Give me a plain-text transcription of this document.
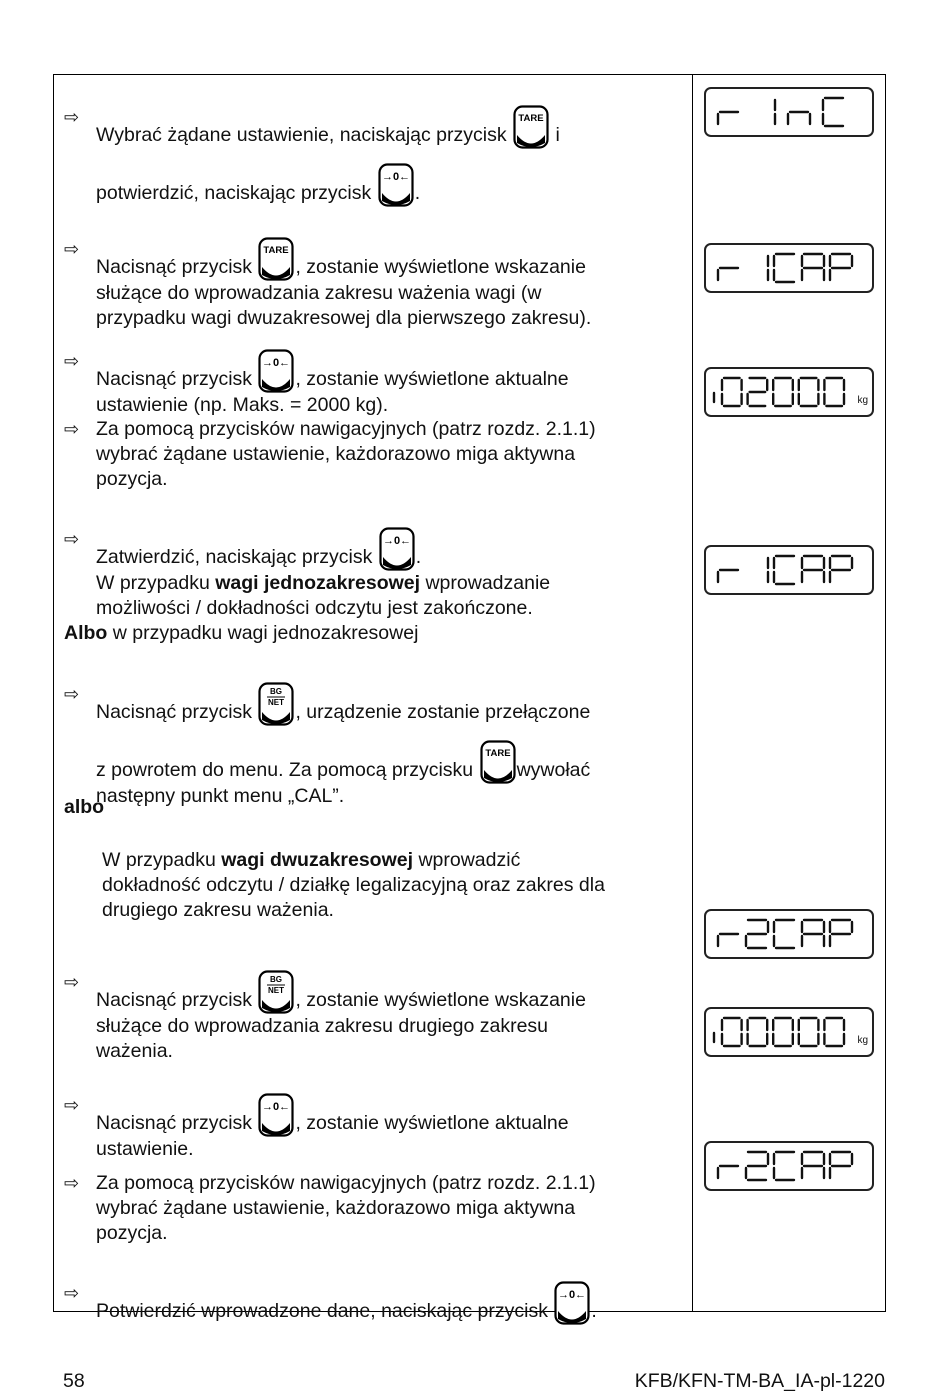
⇨
Wybrać żądane ustawienie, naciskając przycisk
TARE
i
potwierdzić, naciskając przycisk
→0←
.
⇨
Nacisnąć przycisk
TARE
, zostanie wyświetlone wskazanie
służące do wprowadzania zakresu ważenia wagi (w
przypadku wagi dwuzakresowej dla pierwszego zakresu).
⇨
Nacisnąć przycisk
→0←
, zostanie wyświetlone aktualne
ustawienie (np. Maks. = 2000 kg).
⇨ Za pomocą przycisków nawigacyjnych (patrz rozdz. 2.1.1)
wybrać żądane ustawienie, każdorazowo miga aktywna
pozycja.
⇨
Zatwierdzić, naciskając przycisk
→0←
.
W przypadku wagi jednozakresowej wprowadzanie
możliwości / dokładności odczytu jest zakończone.
Albo w przypadku wagi jednozakresowej
⇨
Nacisnąć przycisk
BG
NET
ESC , urządzenie zostanie przełączone
z powrotem do menu. Za pomocą przycisku
TARE
wywołać
następny punkt menu „CAL”.
albo
W przypadku wagi dwuzakresowej wprowadzić
dokładność odczytu / działkę legalizacyjną oraz zakres dla
drugiego zakresu ważenia.
⇨
Nacisnąć przycisk
BG
NET
ESC , zostanie wyświetlone wskazanie
służące do wprowadzania zakresu drugiego zakresu
ważenia.
⇨
Nacisnąć przycisk
→0←
, zostanie wyświetlone aktualne
ustawienie.
⇨ Za pomocą przycisków nawigacyjnych (patrz rozdz. 2.1.1)
wybrać żądane ustawienie, każdorazowo miga aktywna
pozycja.
⇨
Potwierdzić wprowadzone dane, naciskając przycisk
→0←
.
kg
kg
58	KFB/KFN-TM-BA_IA-pl-1220
